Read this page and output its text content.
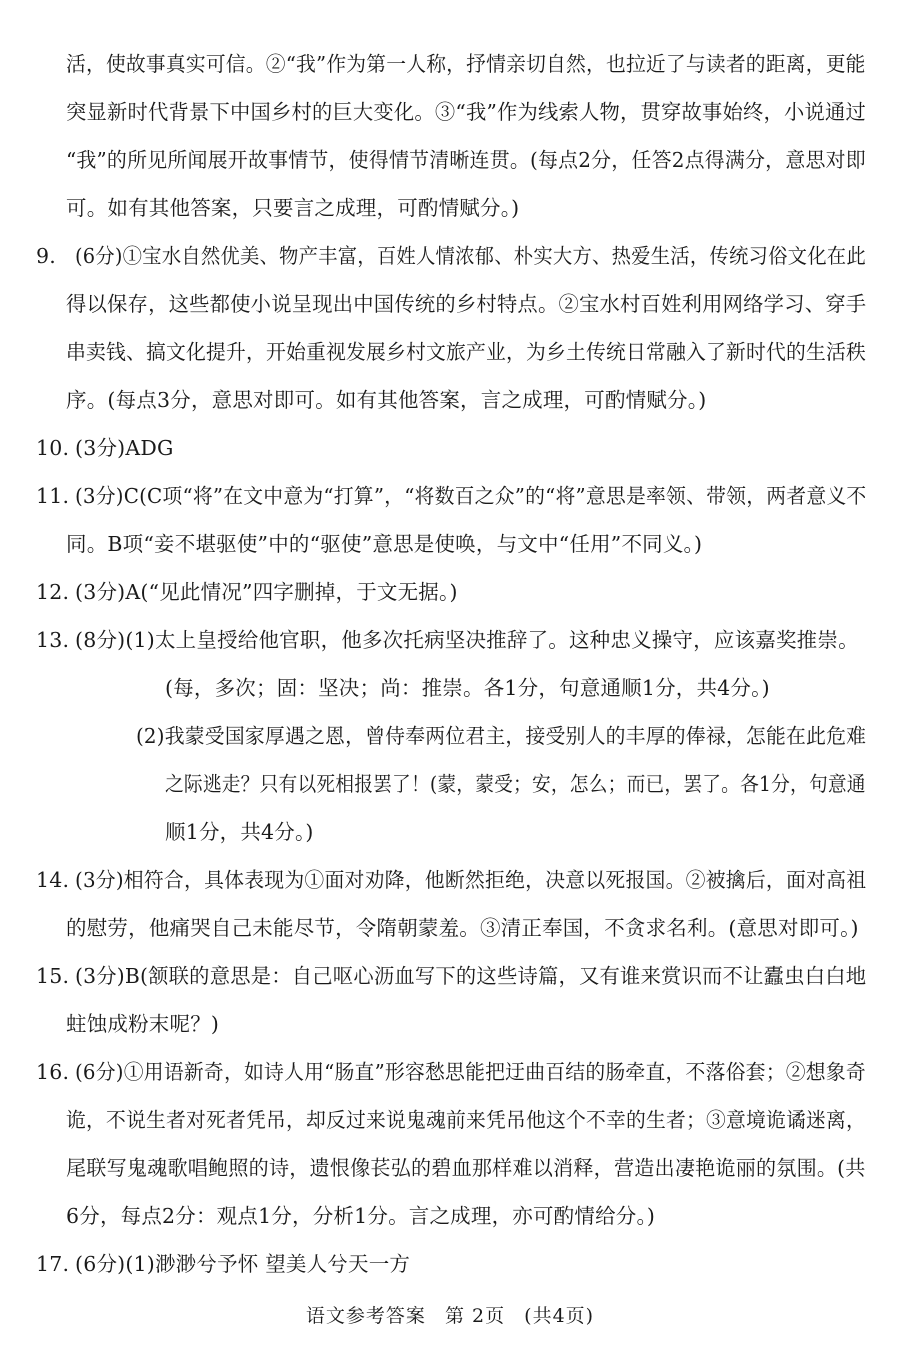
活，使故事真实可信。②“我”作为第一人称，抒情亲切自然，也拉近了与读者的距离，更能
突显新时代背景下中国乡村的巨大变化。③“我”作为线索人物，贯穿故事始终，小说通过
“我”的所见所闻展开故事情节，使得情节清晰连贯。(每点2分，任答2点得满分，意思对即
可。如有其他答案，只要言之成理，可酌情赋分。)
9. (6分)①宝水自然优美、物产丰富，百姓人情浓郁、朴实大方、热爱生活，传统习俗文化在此
得以保存，这些都使小说呈现出中国传统的乡村特点。②宝水村百姓利用网络学习、穿手
串卖钱、搞文化提升，开始重视发展乡村文旅产业，为乡土传统日常融入了新时代的生活秩
序。(每点3分，意思对即可。如有其他答案，言之成理，可酌情赋分。)
10. (3分)ADG
11. (3分)C(C项“将”在文中意为“打算”，“将数百之众”的“将”意思是率领、带领，两者意义不
同。B项“妾不堪驱使”中的“驱使”意思是使唤，与文中“任用”不同义。)
12. (3分)A(“见此情况”四字删掉，于文无据。)
13. (8分)(1)太上皇授给他官职，他多次托病坚决推辞了。这种忠义操守，应该嘉奖推崇。
(每，多次；固：坚决；尚：推崇。各1分，句意通顺1分，共4分。)
(2)我蒙受国家厚遇之恩，曾侍奉两位君主，接受别人的丰厚的俸禄，怎能在此危难
之际逃走？只有以死相报罢了！(蒙，蒙受；安，怎么；而已，罢了。各1分，句意通
顺1分，共4分。)
14. (3分)相符合，具体表现为①面对劝降，他断然拒绝，决意以死报国。②被擒后，面对高祖
的慰劳，他痛哭自己未能尽节，令隋朝蒙羞。③清正奉国，不贪求名利。(意思对即可。)
15. (3分)B(颔联的意思是：自己呕心沥血写下的这些诗篇，又有谁来赏识而不让蠹虫白白地
蛀蚀成粉末呢？)
16. (6分)①用语新奇，如诗人用“肠直”形容愁思能把迂曲百结的肠牵直，不落俗套；②想象奇
诡，不说生者对死者凭吊，却反过来说鬼魂前来凭吊他这个不幸的生者；③意境诡谲迷离，
尾联写鬼魂歌唱鲍照的诗，遗恨像苌弘的碧血那样难以消释，营造出凄艳诡丽的氛围。(共
6分，每点2分：观点1分，分析1分。言之成理，亦可酌情给分。)
17. (6分)(1)渺渺兮予怀 望美人兮天一方
语文参考答案 第 2页 (共4页)
